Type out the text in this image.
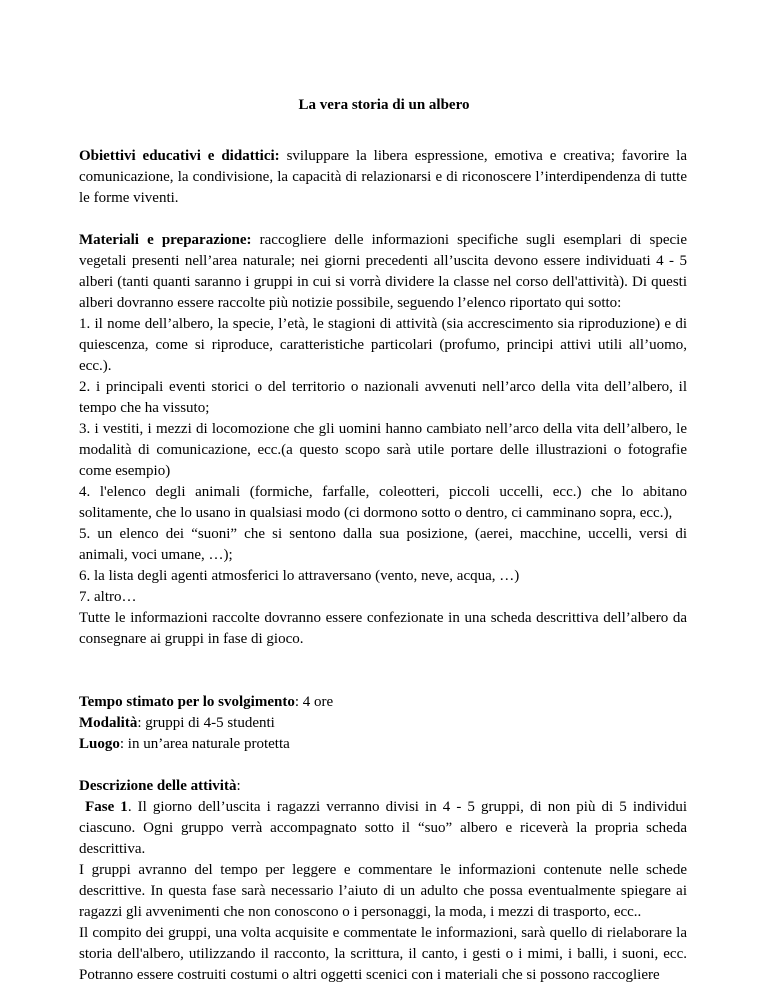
La vera storia di un albero

Obiettivi educativi e didattici: sviluppare la libera espressione, emotiva e creativa; favorire la comunicazione, la condivisione, la capacità di relazionarsi e di riconoscere l’interdipendenza di tutte le forme viventi.

Materiali e preparazione: raccogliere delle informazioni specifiche sugli esemplari di specie vegetali presenti nell’area naturale; nei giorni precedenti all’uscita devono essere individuati 4 - 5 alberi (tanti quanti saranno i gruppi in cui si vorrà dividere la classe nel corso dell'attività). Di questi alberi dovranno essere raccolte più notizie possibile, seguendo l’elenco riportato qui sotto:

1. il nome dell’albero, la specie, l’età, le stagioni di attività (sia accrescimento sia riproduzione) e di quiescenza, come si riproduce, caratteristiche particolari (profumo, principi attivi utili all’uomo, ecc.).

2. i principali eventi storici o del territorio o nazionali avvenuti nell’arco della vita dell’albero, il tempo che ha vissuto;

3. i vestiti, i mezzi di locomozione che gli uomini hanno cambiato nell’arco della vita dell’albero, le modalità di comunicazione, ecc.(a questo scopo sarà utile portare delle illustrazioni o fotografie come esempio)

4. l'elenco degli animali (formiche, farfalle, coleotteri, piccoli uccelli, ecc.) che lo abitano solitamente, che lo usano in qualsiasi modo (ci dormono sotto o dentro, ci camminano sopra, ecc.),

5. un elenco dei “suoni” che si sentono dalla sua posizione, (aerei, macchine, uccelli, versi di animali, voci umane, …);

6. la lista degli agenti atmosferici lo attraversano (vento, neve, acqua, …)

7. altro…

Tutte le informazioni raccolte dovranno essere confezionate in una scheda descrittiva dell’albero da consegnare ai gruppi in fase di gioco.

Tempo stimato per lo svolgimento: 4 ore

Modalità: gruppi di 4-5 studenti

Luogo: in un’area naturale protetta

Descrizione delle attività:

Fase 1. Il giorno dell’uscita i ragazzi verranno divisi in 4 - 5 gruppi, di non più di 5 individui ciascuno. Ogni gruppo verrà accompagnato sotto il “suo” albero e riceverà la propria scheda descrittiva.

I gruppi avranno del tempo per leggere e commentare le informazioni contenute nelle schede descrittive. In questa fase sarà necessario l’aiuto di un adulto che possa eventualmente spiegare ai ragazzi gli avvenimenti che non conoscono o i personaggi, la moda, i mezzi di trasporto, ecc..

Il compito dei gruppi, una volta acquisite e commentate le informazioni, sarà quello di rielaborare la storia dell'albero, utilizzando il racconto, la scrittura, il canto, i gesti o i mimi, i balli, i suoni, ecc. Potranno essere costruiti costumi o altri oggetti scenici con i materiali che si possono raccogliere
